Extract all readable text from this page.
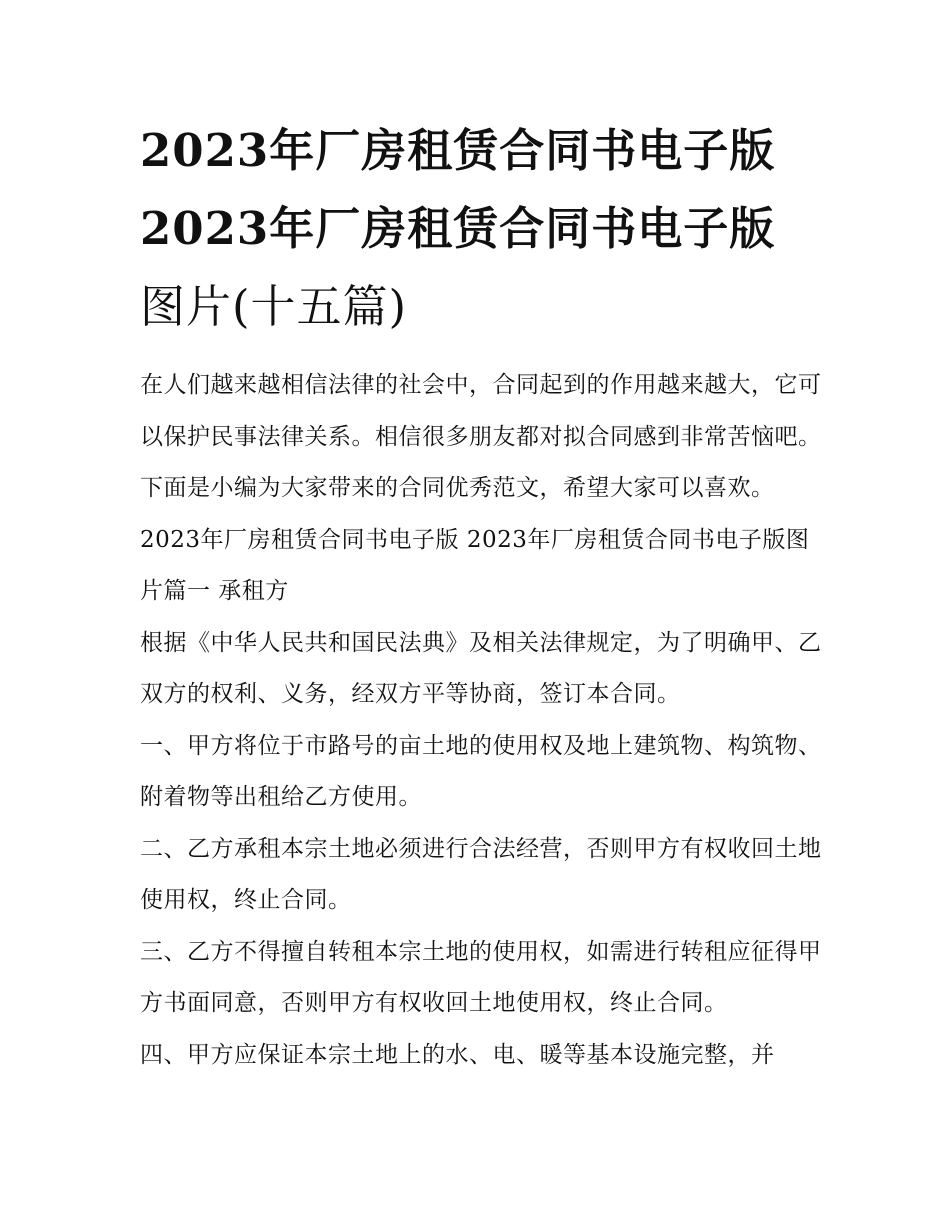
2023年厂房租赁合同书电子版
2023年厂房租赁合同书电子版
图片(十五篇)

在人们越来越相信法律的社会中，合同起到的作用越来越大，它可以保护民事法律关系。相信很多朋友都对拟合同感到非常苦恼吧。下面是小编为大家带来的合同优秀范文，希望大家可以喜欢。

2023年厂房租赁合同书电子版 2023年厂房租赁合同书电子版图片篇一 承租方

根据《中华人民共和国民法典》及相关法律规定，为了明确甲、乙双方的权利、义务，经双方平等协商，签订本合同。

一、甲方将位于市路号的亩土地的使用权及地上建筑物、构筑物、附着物等出租给乙方使用。

二、乙方承租本宗土地必须进行合法经营，否则甲方有权收回土地使用权，终止合同。

三、乙方不得擅自转租本宗土地的使用权，如需进行转租应征得甲方书面同意，否则甲方有权收回土地使用权，终止合同。

四、甲方应保证本宗土地上的水、电、暖等基本设施完整，并
